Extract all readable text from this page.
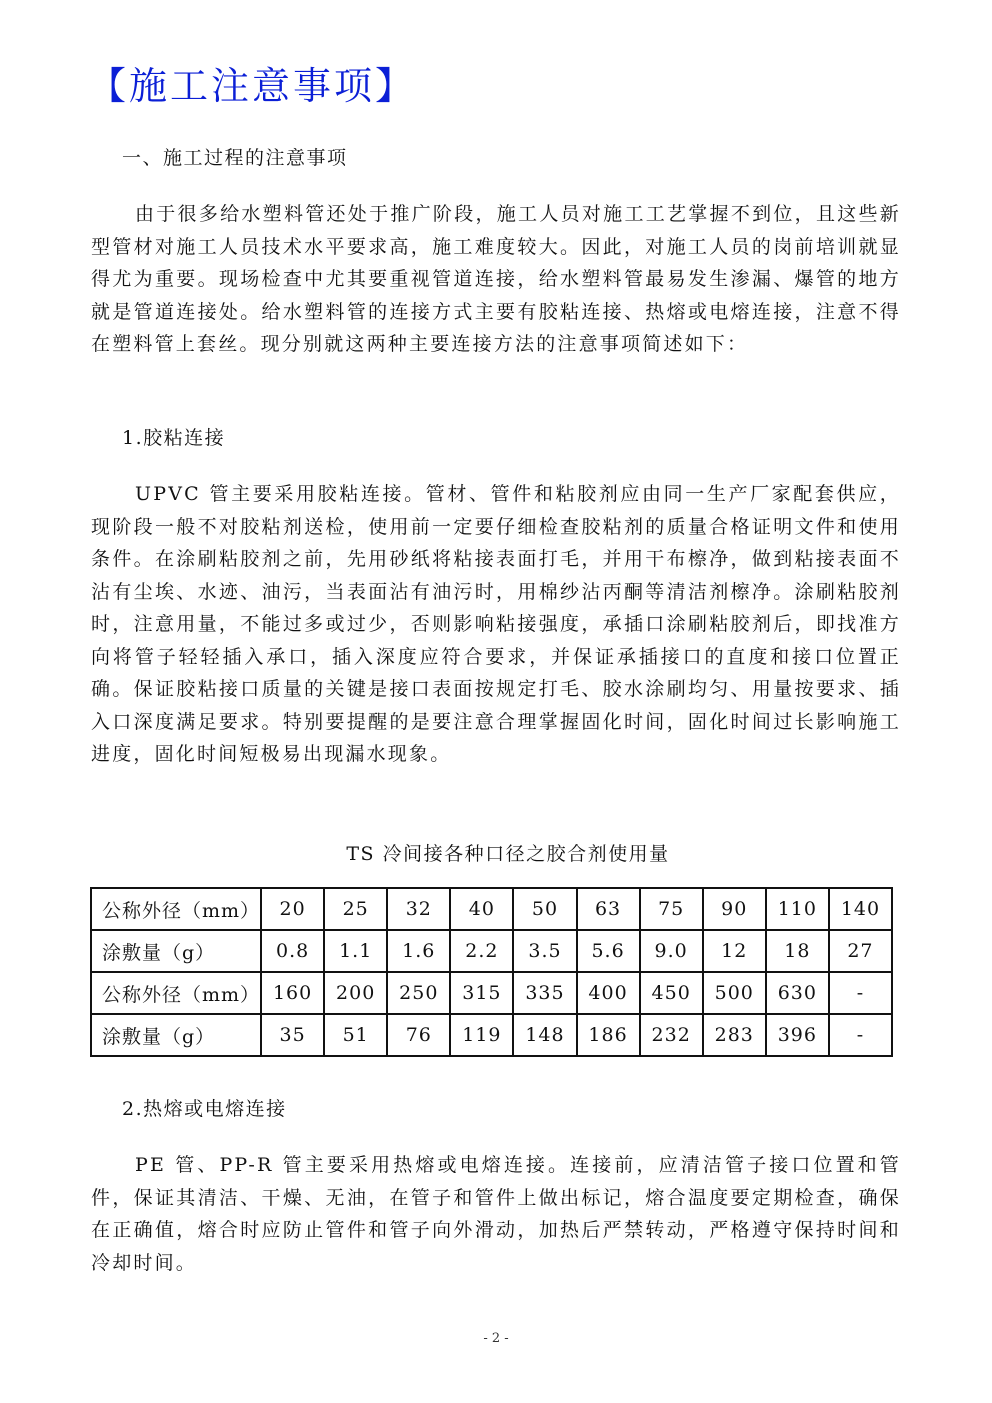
【施工注意事项】
一、施工过程的注意事项
由于很多给水塑料管还处于推广阶段，施工人员对施工工艺掌握不到位，且这些新型管材对施工人员技术水平要求高，施工难度较大。因此，对施工人员的岗前培训就显得尤为重要。现场检查中尤其要重视管道连接，给水塑料管最易发生渗漏、爆管的地方就是管道连接处。给水塑料管的连接方式主要有胶粘连接、热熔或电熔连接，注意不得在塑料管上套丝。现分别就这两种主要连接方法的注意事项简述如下：
1.胶粘连接
UPVC 管主要采用胶粘连接。管材、管件和粘胶剂应由同一生产厂家配套供应，现阶段一般不对胶粘剂送检，使用前一定要仔细检查胶粘剂的质量合格证明文件和使用条件。在涂刷粘胶剂之前，先用砂纸将粘接表面打毛，并用干布檫净，做到粘接表面不沾有尘埃、水迹、油污，当表面沾有油污时，用棉纱沾丙酮等清洁剂檫净。涂刷粘胶剂时，注意用量，不能过多或过少，否则影响粘接强度，承插口涂刷粘胶剂后，即找准方向将管子轻轻插入承口，插入深度应符合要求，并保证承插接口的直度和接口位置正确。保证胶粘接口质量的关键是接口表面按规定打毛、胶水涂刷均匀、用量按要求、插入口深度满足要求。特别要提醒的是要注意合理掌握固化时间，固化时间过长影响施工进度，固化时间短极易出现漏水现象。
TS 冷间接各种口径之胶合剂使用量
公称外径（mm）	20	25	32	40	50	63	75	90	110	140
涂敷量（g）	0.8	1.1	1.6	2.2	3.5	5.6	9.0	12	18	27
公称外径（mm）	160	200	250	315	335	400	450	500	630	-
涂敷量（g）	35	51	76	119	148	186	232	283	396	-
2.热熔或电熔连接
PE 管、PP-R 管主要采用热熔或电熔连接。连接前，应清洁管子接口位置和管件，保证其清洁、干燥、无油，在管子和管件上做出标记，熔合温度要定期检查，确保在正确值，熔合时应防止管件和管子向外滑动，加热后严禁转动，严格遵守保持时间和冷却时间。
- 2 -
